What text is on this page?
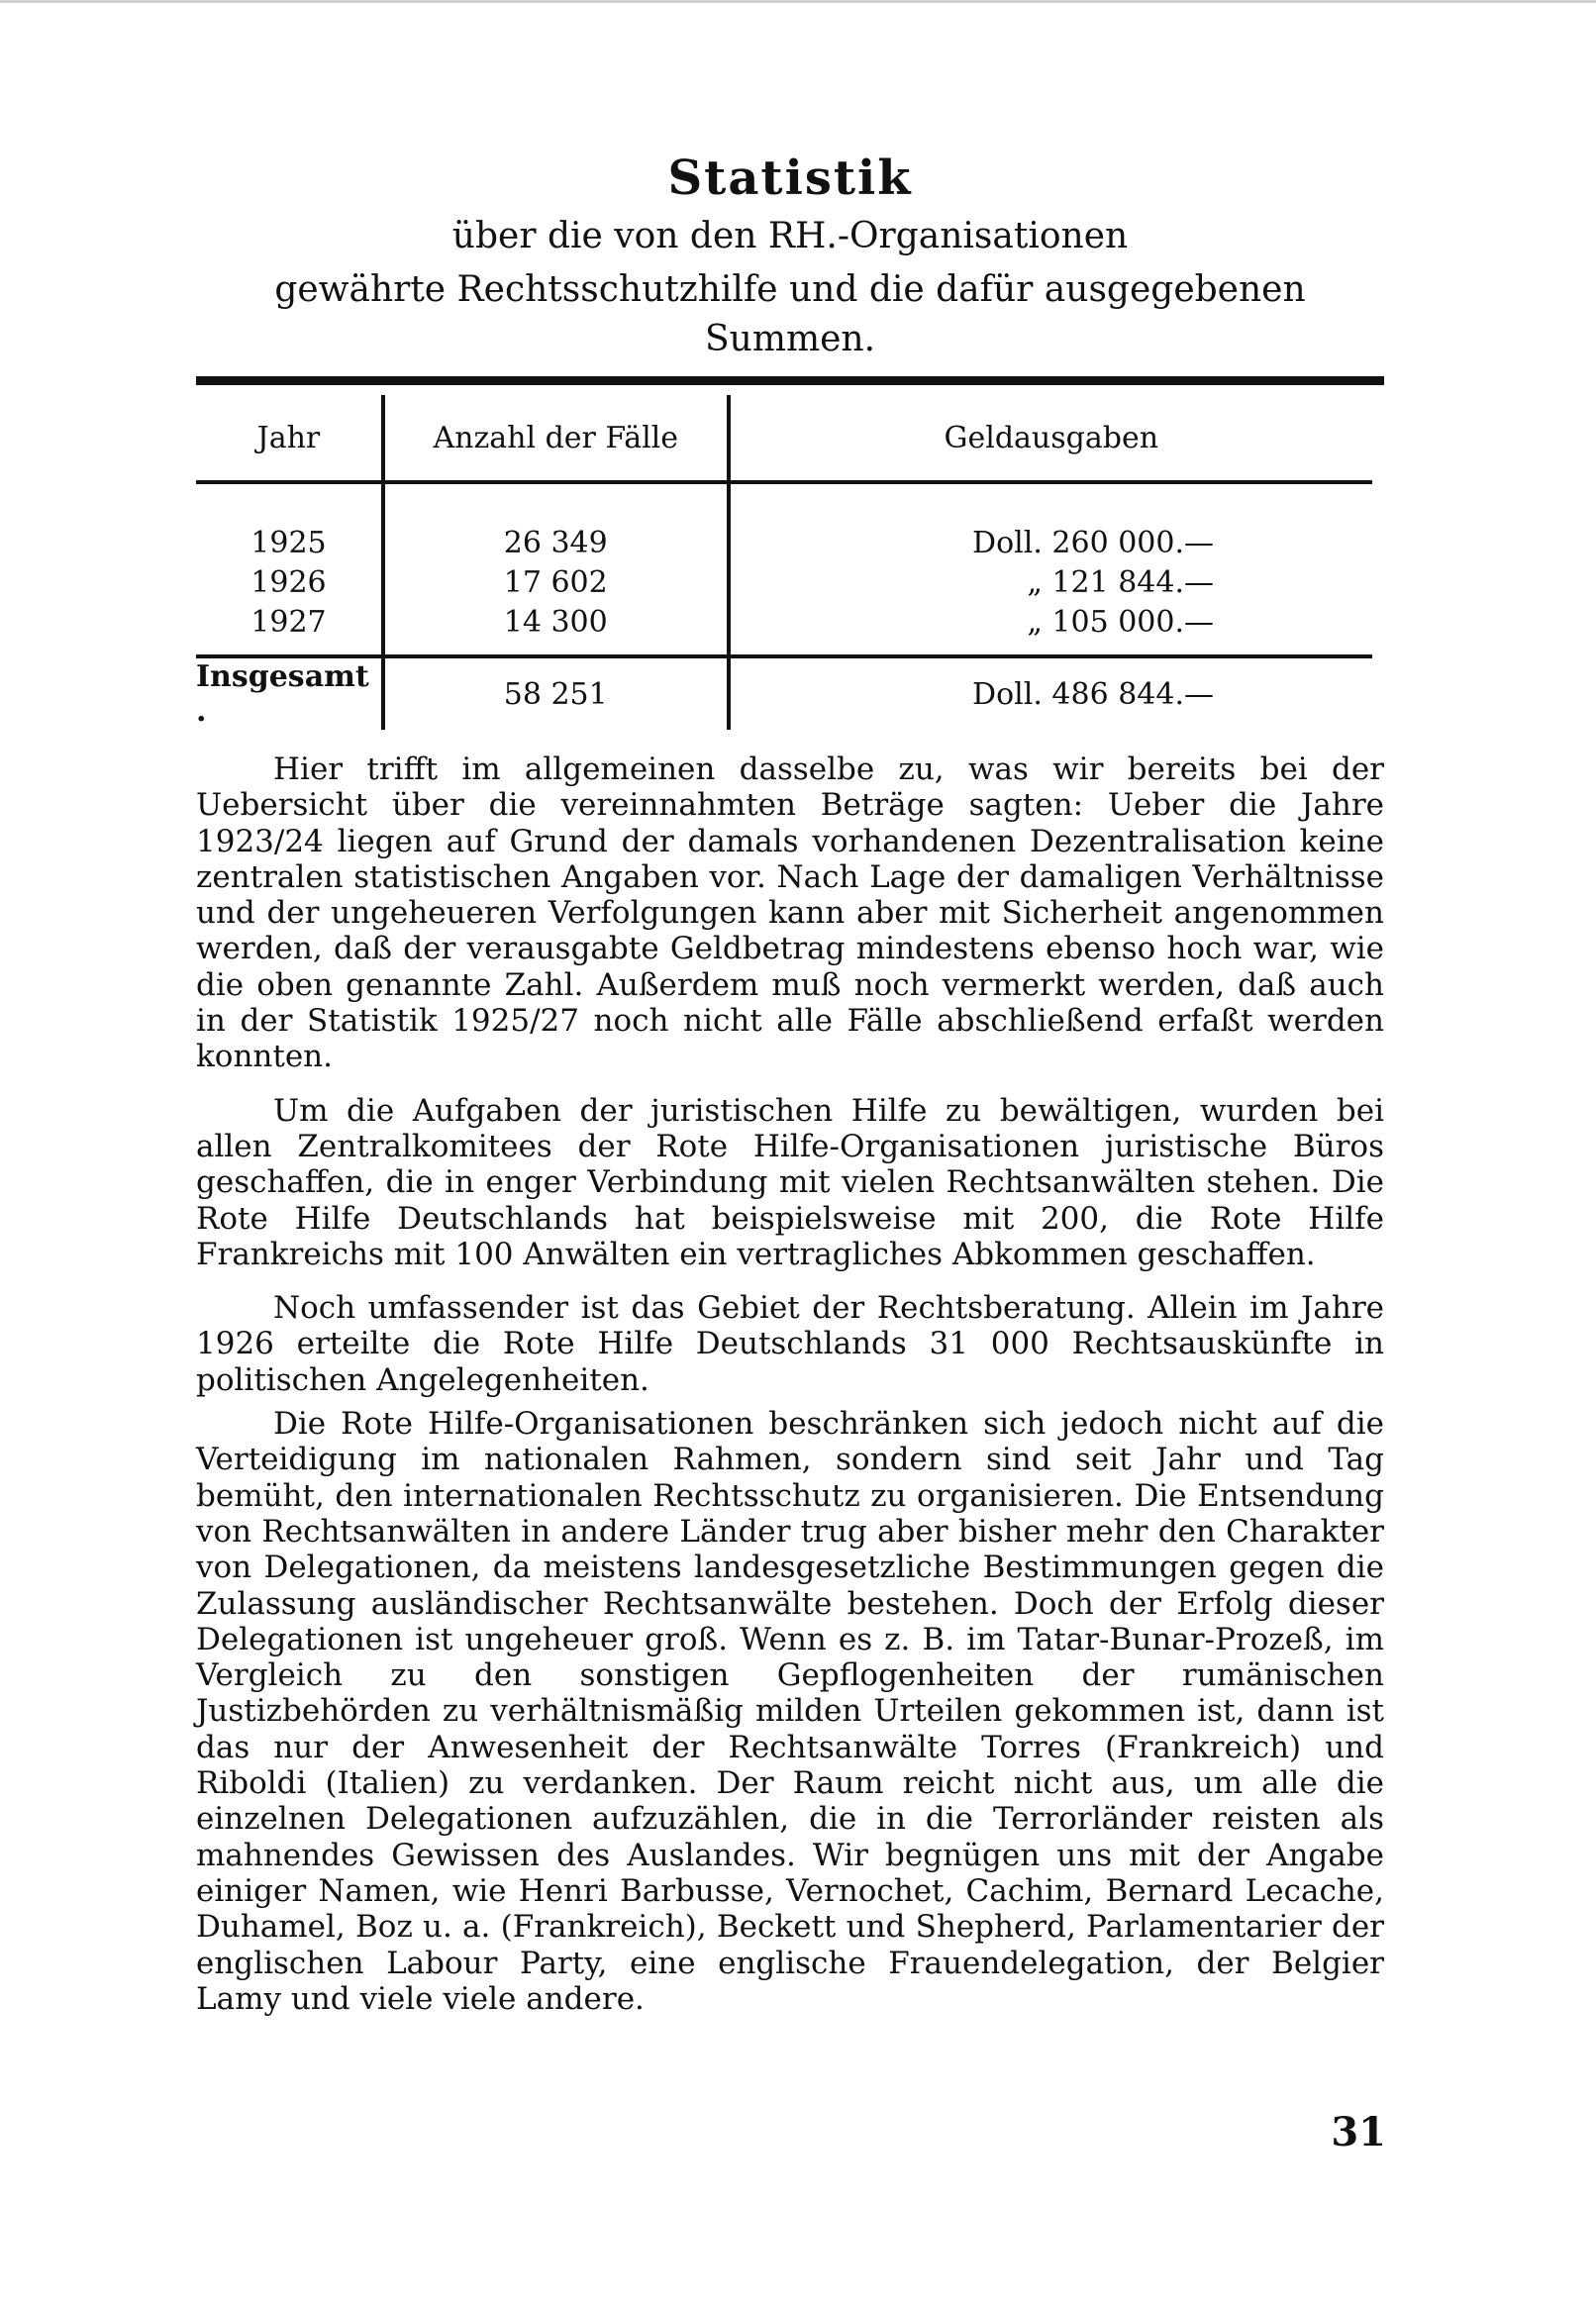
Statistik
über die von den RH.-Organisationen
gewährte Rechtsschutzhilfe und die dafür ausgegebenen Summen.
Jahr	Anzahl der Fälle	Geldausgaben

1925	26 349	Doll. 260 000.—
1926	17 602	„ 121 844.—
1927	14 300	„ 105 000.—
Insgesamt .	58 251	Doll. 486 844.—

Hier trifft im allgemeinen dasselbe zu, was wir bereits bei der Uebersicht über die vereinnahmten Beträge sagten: Ueber die Jahre 1923/24 liegen auf Grund der damals vorhandenen Dezentralisation keine zentralen statistischen Angaben vor. Nach Lage der damaligen Verhältnisse und der ungeheueren Verfolgungen kann aber mit Sicherheit angenommen werden, daß der verausgabte Geldbetrag mindestens ebenso hoch war, wie die oben genannte Zahl. Außerdem muß noch vermerkt werden, daß auch in der Statistik 1925/27 noch nicht alle Fälle abschließend erfaßt werden konnten.

Um die Aufgaben der juristischen Hilfe zu bewältigen, wurden bei allen Zentralkomitees der Rote Hilfe-Organisationen juristische Büros geschaffen, die in enger Verbindung mit vielen Rechtsanwälten stehen. Die Rote Hilfe Deutschlands hat beispielsweise mit 200, die Rote Hilfe Frankreichs mit 100 Anwälten ein vertragliches Abkommen geschaffen.

Noch umfassender ist das Gebiet der Rechtsberatung. Allein im Jahre 1926 erteilte die Rote Hilfe Deutschlands 31 000 Rechtsauskünfte in politischen Angelegenheiten.

Die Rote Hilfe-Organisationen beschränken sich jedoch nicht auf die Verteidigung im nationalen Rahmen, sondern sind seit Jahr und Tag bemüht, den internationalen Rechtsschutz zu organisieren. Die Entsendung von Rechtsanwälten in andere Länder trug aber bisher mehr den Charakter von Delegationen, da meistens landesgesetzliche Bestimmungen gegen die Zulassung ausländischer Rechtsanwälte bestehen. Doch der Erfolg dieser Delegationen ist ungeheuer groß. Wenn es z. B. im Tatar-Bunar-Prozeß, im Vergleich zu den sonstigen Gepflogenheiten der rumänischen Justizbehörden zu verhältnismäßig milden Urteilen gekommen ist, dann ist das nur der Anwesenheit der Rechtsanwälte Torres (Frankreich) und Riboldi (Italien) zu verdanken. Der Raum reicht nicht aus, um alle die einzelnen Delegationen aufzuzählen, die in die Terrorländer reisten als mahnendes Gewissen des Auslandes. Wir begnügen uns mit der Angabe einiger Namen, wie Henri Barbusse, Vernochet, Cachim, Bernard Lecache, Duhamel, Boz u. a. (Frankreich), Beckett und Shepherd, Parlamentarier der englischen Labour Party, eine englische Frauendelegation, der Belgier Lamy und viele viele andere.

31
